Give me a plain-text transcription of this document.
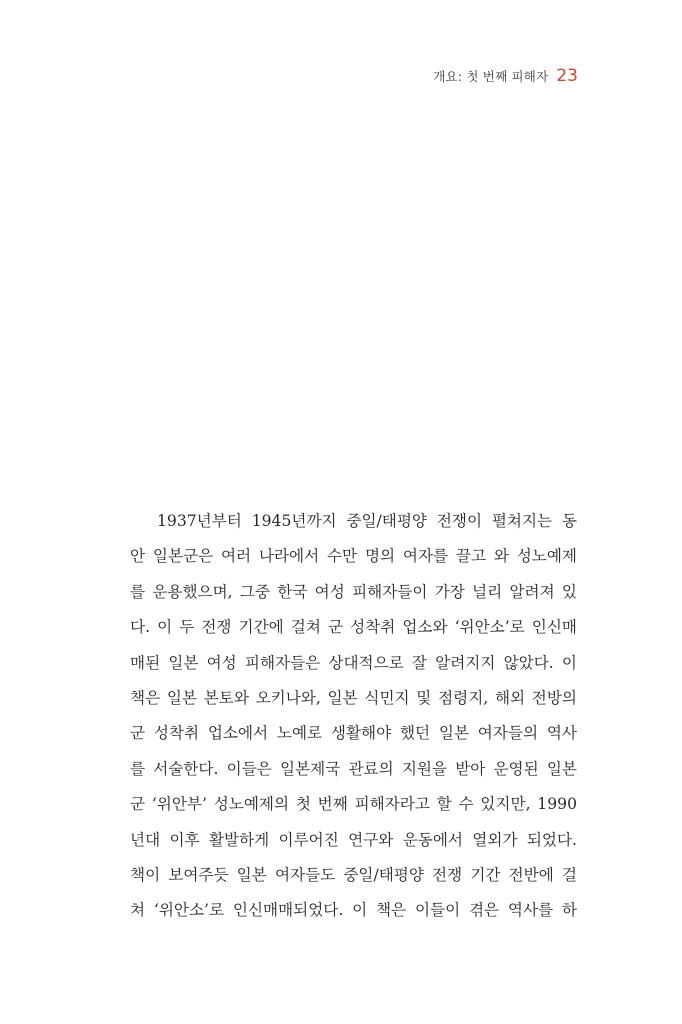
개요: 첫 번째 피해자 23
1937년부터 1945년까지 중일/태평양 전쟁이 펼쳐지는 동
안 일본군은 여러 나라에서 수만 명의 여자를 끌고 와 성노예제
를 운용했으며, 그중 한국 여성 피해자들이 가장 널리 알려져 있
다. 이 두 전쟁 기간에 걸쳐 군 성착취 업소와 ‘위안소’로 인신매
매된 일본 여성 피해자들은 상대적으로 잘 알려지지 않았다. 이
책은 일본 본토와 오키나와, 일본 식민지 및 점령지, 해외 전방의
군 성착취 업소에서 노예로 생활해야 했던 일본 여자들의 역사
를 서술한다. 이들은 일본제국 관료의 지원을 받아 운영된 일본
군 ‘위안부’ 성노예제의 첫 번째 피해자라고 할 수 있지만, 1990
년대 이후 활발하게 이루어진 연구와 운동에서 열외가 되었다.
책이 보여주듯 일본 여자들도 중일/태평양 전쟁 기간 전반에 걸
쳐 ‘위안소’로 인신매매되었다. 이 책은 이들이 겪은 역사를 하
